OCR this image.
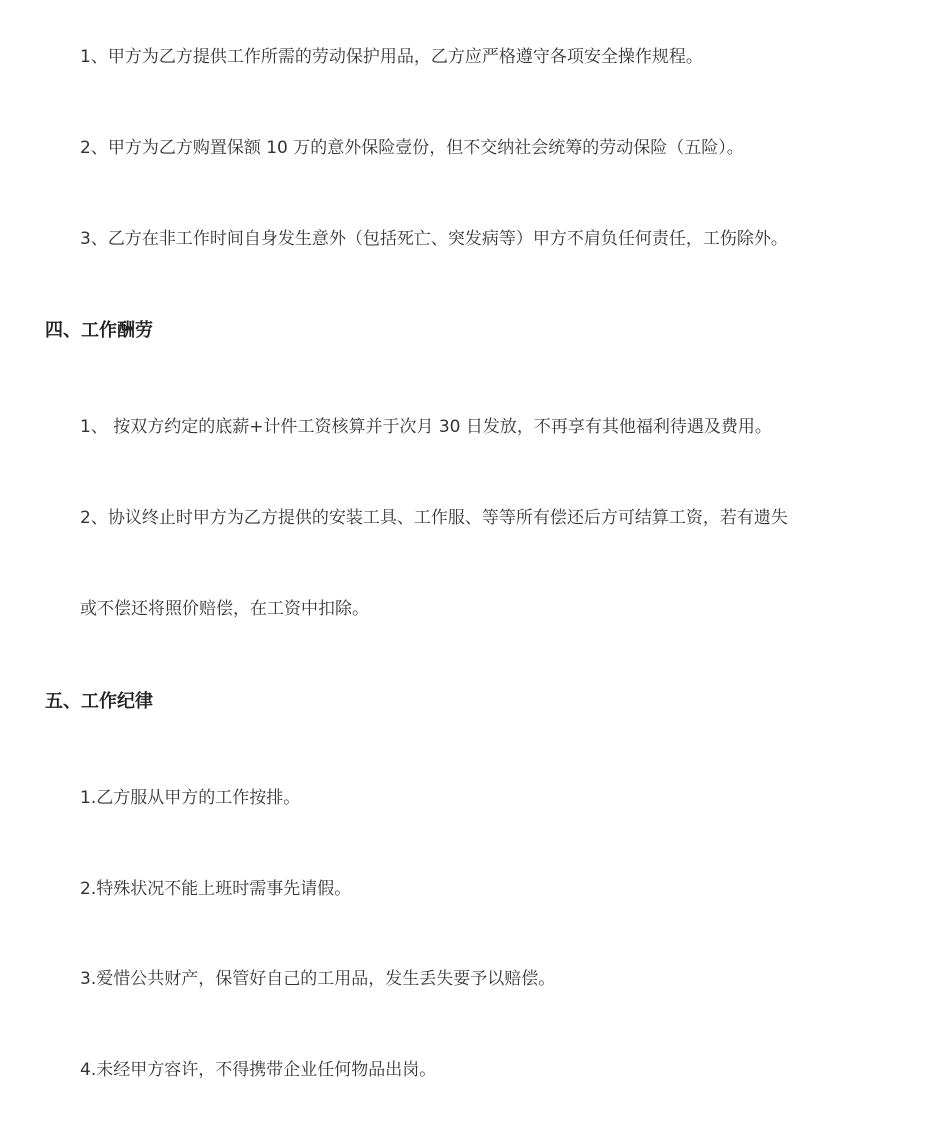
1、甲方为乙方提供工作所需的劳动保护用品，乙方应严格遵守各项安全操作规程。
2、甲方为乙方购置保额 10 万的意外保险壹份，但不交纳社会统筹的劳动保险（五险）。
3、乙方在非工作时间自身发生意外（包括死亡、突发病等）甲方不肩负任何责任，工伤除外。
四、工作酬劳
1、 按双方约定的底薪+计件工资核算并于次月 30 日发放，不再享有其他福利待遇及费用。
2、协议终止时甲方为乙方提供的安装工具、工作服、等等所有偿还后方可结算工资，若有遗失
或不偿还将照价赔偿，在工资中扣除。
五、工作纪律
1.乙方服从甲方的工作按排。
2.特殊状况不能上班时需事先请假。
3.爱惜公共财产，保管好自己的工用品，发生丢失要予以赔偿。
4.未经甲方容许，不得携带企业任何物品出岗。
